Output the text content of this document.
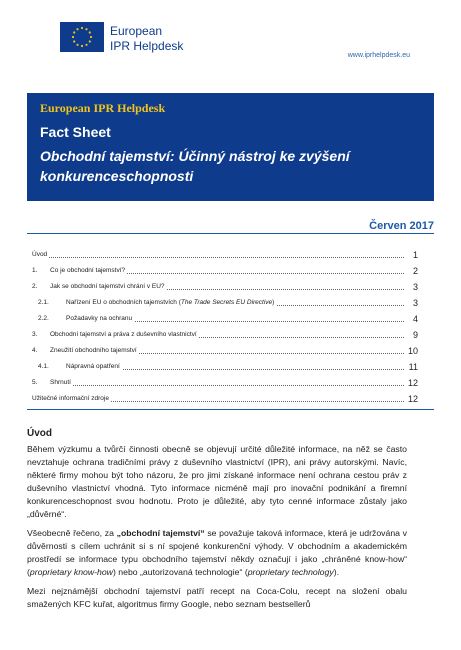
European
IPR Helpdesk
www.iprhelpdesk.eu
European IPR Helpdesk
Fact Sheet
Obchodní tajemství: Účinný nástroj ke zvýšení konkurenceschopnosti
Červen 2017
Úvod	1
1. Co je obchodní tajemství?	2
2. Jak se obchodní tajemství chrání v EU?	3
2.1.	Nařízení EU o obchodních tajemstvích (The Trade Secrets EU Directive)	3
2.2.	Požadavky na ochranu	4
3. Obchodní tajemství a práva z duševního vlastnictví	9
4. Zneužití obchodního tajemství	10
4.1.	Nápravná opatření	11
5. Shrnutí	12
Užitečné informační zdroje	12
Úvod

Během výzkumu a tvůrčí činnosti obecně se objevují určité důležité informace, na něž se často nevztahuje ochrana tradičními právy z duševního vlastnictví (IPR), ani právy autorskými. Navíc, některé firmy mohou být toho názoru, že pro jimi získané informace není ochrana cestou práv z duševního vlastnictví vhodná. Tyto informace nicméně mají pro inovační podnikání a firemní konkurenceschopnost svou hodnotu. Proto je důležité, aby tyto cenné informace zůstaly jako „důvěrné“.

Všeobecně řečeno, za „obchodní tajemství“ se považuje taková informace, která je udržována v důvěrnosti s cílem uchránit si s ní spojené konkurenční výhody. V obchodním a akademickém prostředí se informace typu obchodního tajemství někdy označují i jako „chráněné know-how“ (proprietary know-how) nebo „autorizovaná technologie“ (proprietary technology).

Mezi nejznámější obchodní tajemství patří recept na Coca-Colu, recept na složení obalu smažených KFC kuřat, algoritmus firmy Google, nebo seznam bestsellerů
